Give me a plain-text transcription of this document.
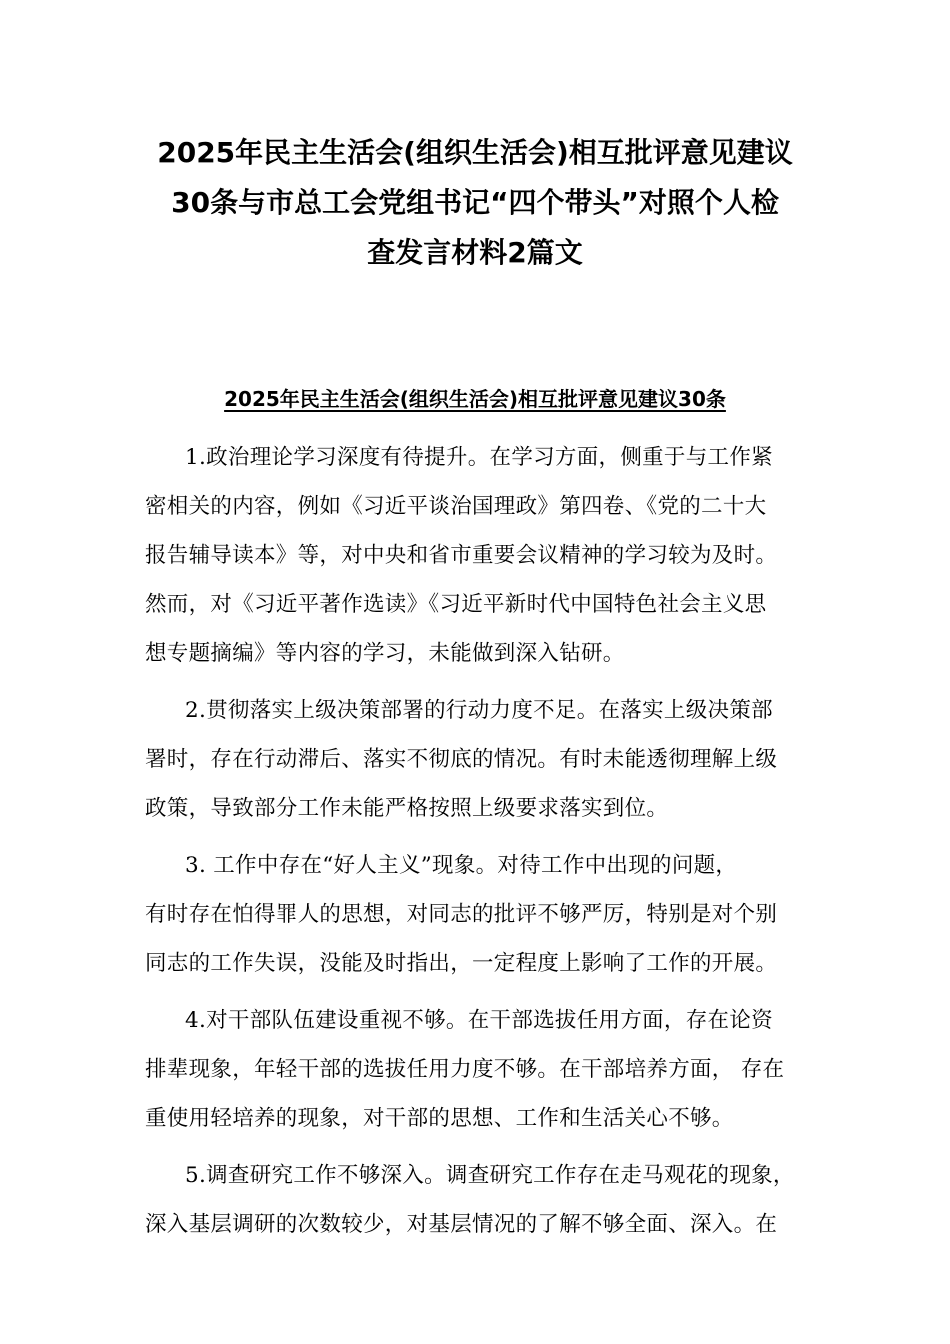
2025年民主生活会(组织生活会)相互批评意见建议
30条与市总工会党组书记“四个带头”对照个人检
查发言材料2篇文
2025年民主生活会(组织生活会)相互批评意见建议30条

1.政治理论学习深度有待提升。在学习方面，侧重于与工作紧
密相关的内容，例如《习近平谈治国理政》第四卷、《党的二十大
报告辅导读本》等，对中央和省市重要会议精神的学习较为及时。
然而，对《习近平著作选读》《习近平新时代中国特色社会主义思
想专题摘编》等内容的学习，未能做到深入钻研。

2.贯彻落实上级决策部署的行动力度不足。在落实上级决策部
署时，存在行动滞后、落实不彻底的情况。有时未能透彻理解上级
政策，导致部分工作未能严格按照上级要求落实到位。

3. 工作中存在“好人主义”现象。对待工作中出现的问题，
有时存在怕得罪人的思想，对同志的批评不够严厉，特别是对个别
同志的工作失误，没能及时指出，一定程度上影响了工作的开展。

4.对干部队伍建设重视不够。在干部选拔任用方面，存在论资
排辈现象，年轻干部的选拔任用力度不够。在干部培养方面， 存在
重使用轻培养的现象，对干部的思想、工作和生活关心不够。

5.调查研究工作不够深入。调查研究工作存在走马观花的现象，
深入基层调研的次数较少，对基层情况的了解不够全面、深入。在
